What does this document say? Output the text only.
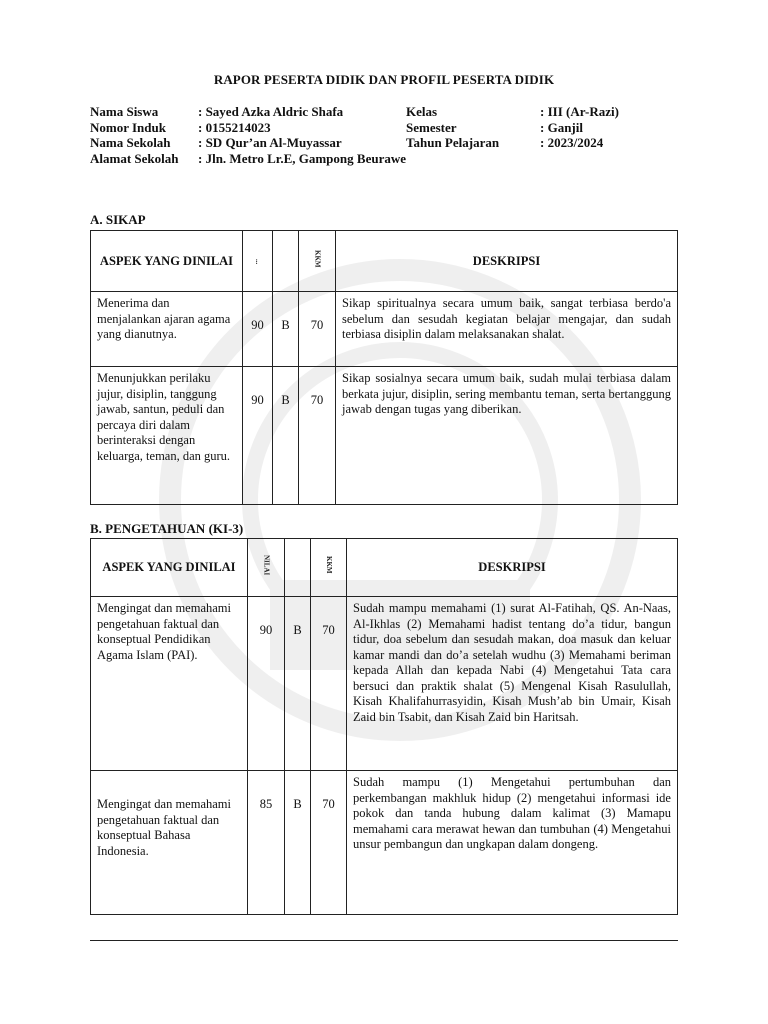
RAPOR PESERTA DIDIK DAN PROFIL PESERTA DIDIK
Nama Siswa	: Sayed Azka Aldric Shafa
Nomor Induk : 0155214023
Nama Sekolah : SD Qur’an Al-Muyassar
Alamat Sekolah : Jln. Metro Lr.E, Gampong Beurawe
Kelas	: III (Ar-Razi)
Semester	: Ganjil
Tahun Pelajaran	: 2023/2024
A. SIKAP
ASPEK YANG DINILAI	...		KKM	DESKRIPSI
Menerima dan menjalankan ajaran agama yang dianutnya.	90	B	70	Sikap spiritualnya secara umum baik, sangat terbiasa berdo'a sebelum dan sesudah kegiatan belajar mengajar, dan sudah terbiasa disiplin dalam melaksanakan shalat.
Menunjukkan perilaku jujur, disiplin, tanggung jawab, santun, peduli dan percaya diri dalam berinteraksi dengan keluarga, teman, dan guru.	90	B	70	Sikap sosialnya secara umum baik, sudah mulai terbiasa dalam berkata jujur, disiplin, sering membantu teman, serta bertanggung jawab dengan tugas yang diberikan.
B. PENGETAHUAN (KI-3)
ASPEK YANG DINILAI	NILAI		KKM	DESKRIPSI
Mengingat dan memahami pengetahuan faktual dan konseptual Pendidikan Agama Islam (PAI).	90	B	70	Sudah mampu memahami (1) surat Al-Fatihah, QS. An-Naas, Al-Ikhlas (2) Memahami hadist tentang do’a tidur, bangun tidur, doa sebelum dan sesudah makan, doa masuk dan keluar kamar mandi dan do’a setelah wudhu (3) Memahami beriman kepada Allah dan kepada Nabi (4) Mengetahui Tata cara bersuci dan praktik shalat (5) Mengenal Kisah Rasulullah, Kisah Khalifahurrasyidin, Kisah Mush’ab bin Umair, Kisah Zaid bin Tsabit, dan Kisah Zaid bin Haritsah.
Mengingat dan memahami pengetahuan faktual dan konseptual Bahasa Indonesia.	85	B	70	Sudah mampu (1) Mengetahui pertumbuhan dan perkembangan makhluk hidup (2) mengetahui informasi ide pokok dan tanda hubung dalam kalimat (3) Mamapu memahami cara merawat hewan dan tumbuhan (4) Mengetahui unsur pembangun dan ungkapan dalam dongeng.
